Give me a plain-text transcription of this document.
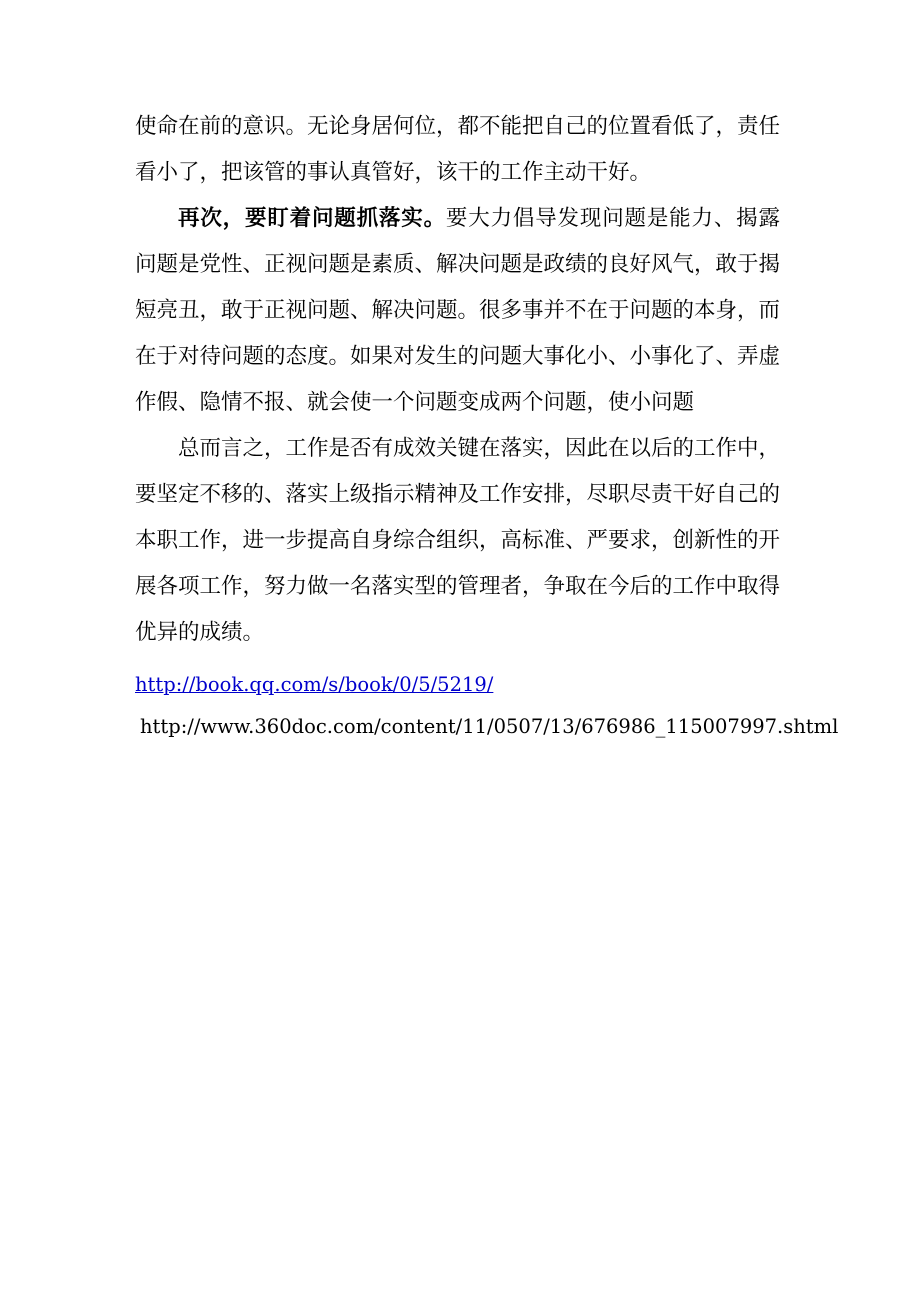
使命在前的意识。无论身居何位，都不能把自己的位置看低了，责任看小了，把该管的事认真管好，该干的工作主动干好。

再次，要盯着问题抓落实。要大力倡导发现问题是能力、揭露问题是党性、正视问题是素质、解决问题是政绩的良好风气，敢于揭短亮丑，敢于正视问题、解决问题。很多事并不在于问题的本身，而在于对待问题的态度。如果对发生的问题大事化小、小事化了、弄虚作假、隐情不报、就会使一个问题变成两个问题，使小问题

总而言之，工作是否有成效关键在落实，因此在以后的工作中，要坚定不移的、落实上级指示精神及工作安排，尽职尽责干好自己的本职工作，进一步提高自身综合组织，高标准、严要求，创新性的开展各项工作，努力做一名落实型的管理者，争取在今后的工作中取得优异的成绩。

http://book.qq.com/s/book/0/5/5219/

http://www.360doc.com/content/11/0507/13/676986_115007997.shtml
